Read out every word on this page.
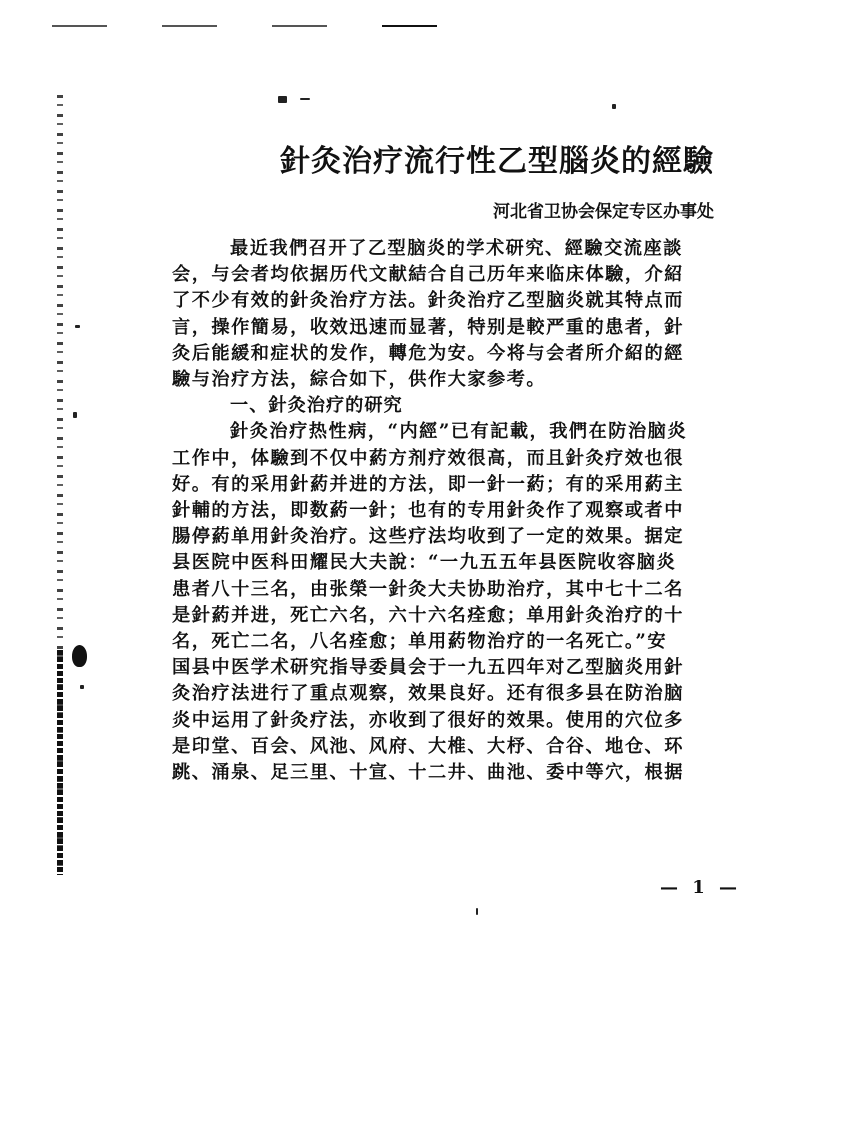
針灸治疗流行性乙型腦炎的經驗
河北省卫协会保定专区办事处
最近我們召开了乙型脑炎的学术研究、經驗交流座談
会，与会者均依据历代文献結合自己历年来临床体驗，介紹
了不少有效的針灸治疗方法。針灸治疗乙型脑炎就其特点而
言，操作簡易，收效迅速而显著，特别是較严重的患者，針
灸后能緩和症状的发作，轉危为安。今将与会者所介紹的經
驗与治疗方法，綜合如下，供作大家参考。
一、針灸治疗的研究
針灸治疗热性病，“内經”已有記載，我們在防治脑炎
工作中，体驗到不仅中葯方剂疗效很高，而且針灸疗效也很
好。有的采用針葯并进的方法，即一針一葯；有的采用葯主
針輔的方法，即数葯一針；也有的专用針灸作了观察或者中
腸停葯单用針灸治疗。这些疗法均收到了一定的效果。据定
县医院中医科田耀民大夫說：“一九五五年县医院收容脑炎
患者八十三名，由张榮一針灸大夫协助治疗，其中七十二名
是針葯并进，死亡六名，六十六名痊愈；单用針灸治疗的十
名，死亡二名，八名痊愈；单用葯物治疗的一名死亡。”安
国县中医学术研究指导委員会于一九五四年对乙型脑炎用針
灸治疗法进行了重点观察，效果良好。还有很多县在防治脑
炎中运用了針灸疗法，亦收到了很好的效果。使用的穴位多
是印堂、百会、风池、风府、大椎、大杼、合谷、地仓、环
跳、涌泉、足三里、十宣、十二井、曲池、委中等穴，根据
— 1 —
